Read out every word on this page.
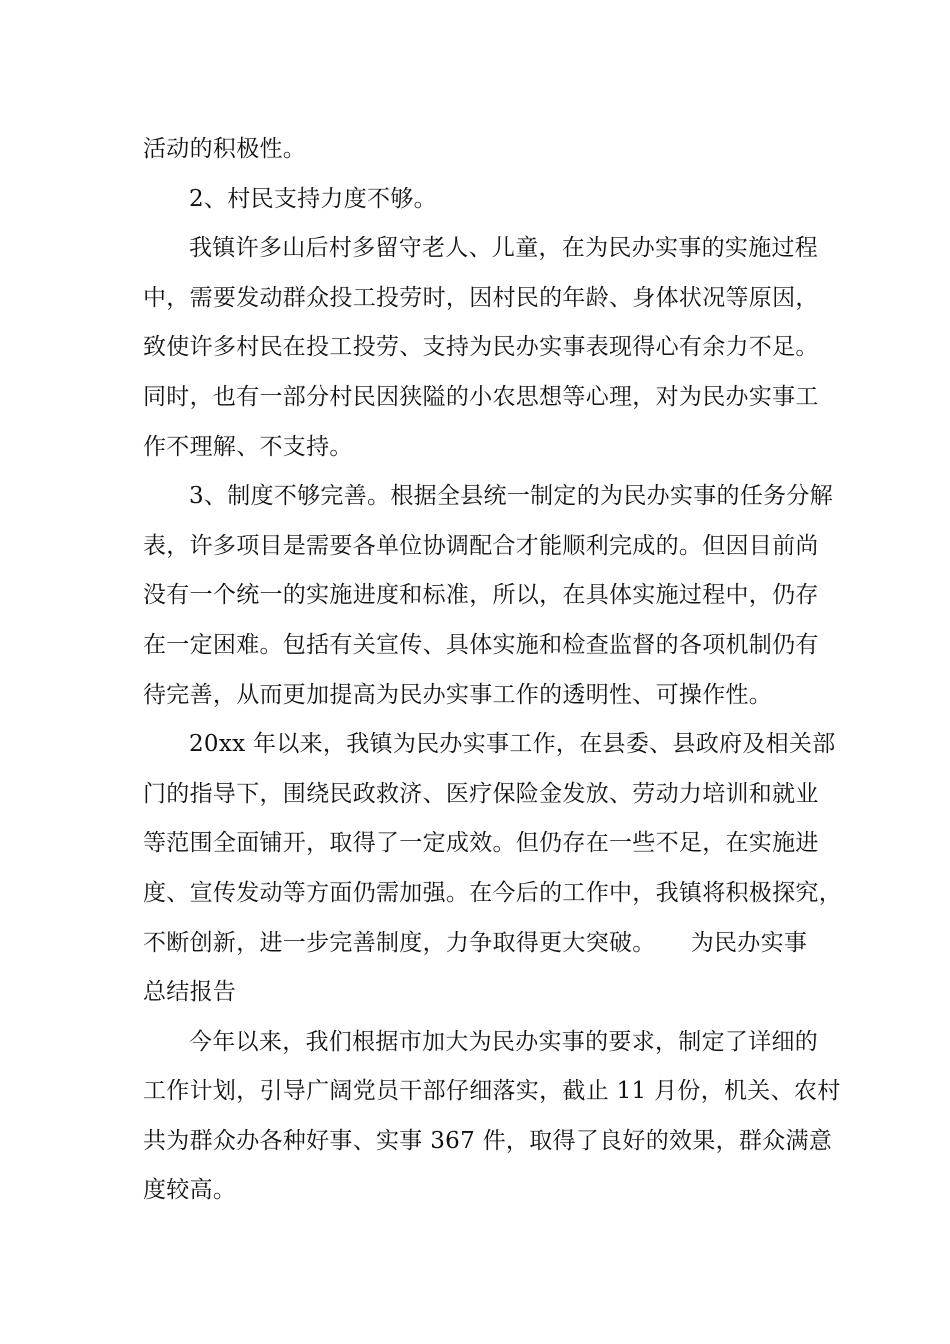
活动的积极性。

2、村民支持力度不够。

我镇许多山后村多留守老人、儿童，在为民办实事的实施过程

中，需要发动群众投工投劳时，因村民的年龄、身体状况等原因，
致使许多村民在投工投劳、支持为民办实事表现得心有余力不足。
同时，也有一部分村民因狭隘的小农思想等心理，对为民办实事工
作不理解、不支持。

3、制度不够完善。根据全县统一制定的为民办实事的任务分解

表，许多项目是需要各单位协调配合才能顺利完成的。但因目前尚
没有一个统一的实施进度和标准，所以，在具体实施过程中，仍存
在一定困难。包括有关宣传、具体实施和检查监督的各项机制仍有
待完善，从而更加提高为民办实事工作的透明性、可操作性。

20xx 年以来，我镇为民办实事工作，在县委、县政府及相关部

门的指导下，围绕民政救济、医疗保险金发放、劳动力培训和就业
等范围全面铺开，取得了一定成效。但仍存在一些不足，在实施进
度、宣传发动等方面仍需加强。在今后的工作中，我镇将积极探究，
不断创新，进一步完善制度，力争取得更大突破。　　为民办实事
总结报告

今年以来，我们根据市加大为民办实事的要求，制定了详细的

工作计划，引导广阔党员干部仔细落实，截止 11 月份，机关、农村
共为群众办各种好事、实事 367 件，取得了良好的效果，群众满意
度较高。
